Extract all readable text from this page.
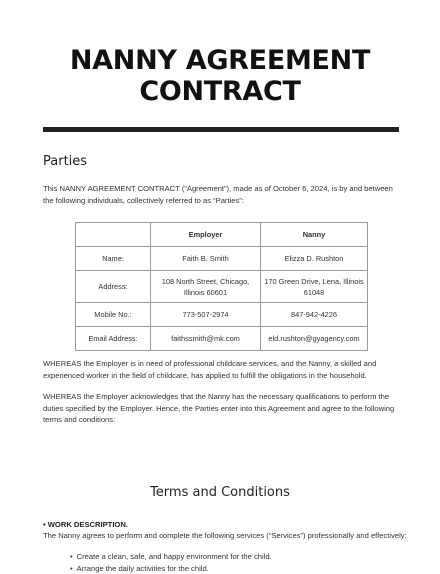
NANNY AGREEMENT
CONTRACT
Parties
This NANNY AGREEMENT CONTRACT (“Agreement”), made as of October 6, 2024, is by and between the following individuals, collectively referred to as “Parties”:
	Employer	Nanny
Name:	Faith B. Smith	Elizza D. Rushton
Address:	108 North Street, Chicago, Illinois 60601	170 Green Drive, Lena, Illinois 61048
Mobile No.:	773-507-2974	847-942-4226
Email Address:	faithssmith@mk.com	eld.rushton@gyagency.com
WHEREAS the Employer is in need of professional childcare services, and the Nanny, a skilled and experienced worker in the field of childcare, has applied to fulfill the obligations in the household.
WHEREAS the Employer acknowledges that the Nanny has the necessary qualifications to perform the duties specified by the Employer. Hence, the Parties enter into this Agreement and agree to the following terms and conditions:
Terms and Conditions
• WORK DESCRIPTION.
The Nanny agrees to perform and complete the following services (“Services”) professionally and effectively:
• Create a clean, safe, and happy environment for the child.
• Arrange the daily activities for the child.
